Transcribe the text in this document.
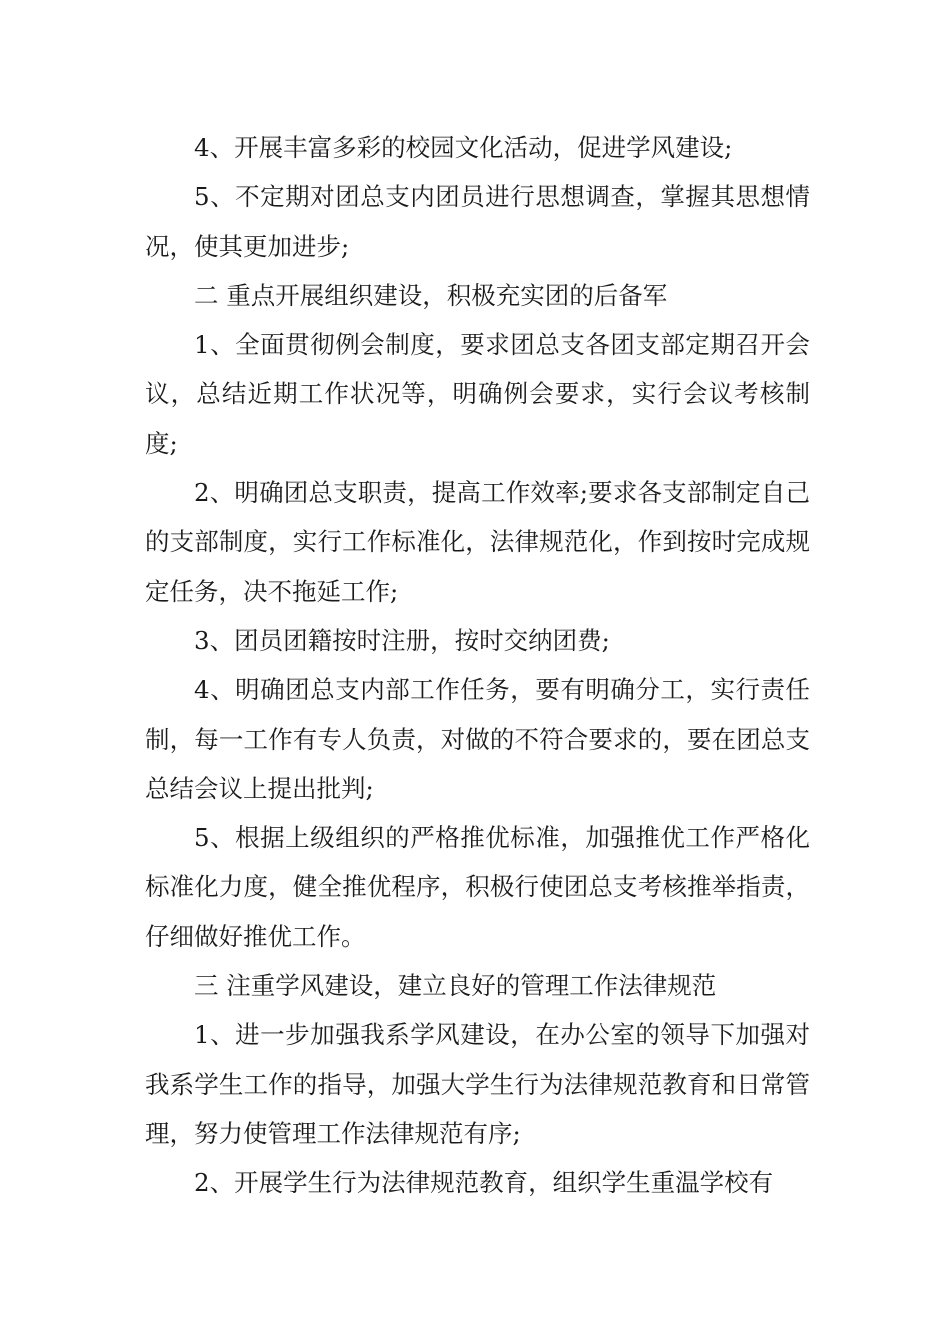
4、开展丰富多彩的校园文化活动，促进学风建设;

5、不定期对团总支内团员进行思想调查，掌握其思想情况，使其更加进步;

二 重点开展组织建设，积极充实团的后备军

1、全面贯彻例会制度，要求团总支各团支部定期召开会议，总结近期工作状况等，明确例会要求，实行会议考核制度;

2、明确团总支职责，提高工作效率;要求各支部制定自己的支部制度，实行工作标准化，法律规范化，作到按时完成规定任务，决不拖延工作;

3、团员团籍按时注册，按时交纳团费;

4、明确团总支内部工作任务，要有明确分工，实行责任制，每一工作有专人负责，对做的不符合要求的，要在团总支总结会议上提出批判;

5、根据上级组织的严格推优标准，加强推优工作严格化标准化力度，健全推优程序，积极行使团总支考核推举指责，仔细做好推优工作。

三 注重学风建设，建立良好的管理工作法律规范

1、进一步加强我系学风建设，在办公室的领导下加强对我系学生工作的指导，加强大学生行为法律规范教育和日常管理，努力使管理工作法律规范有序;

2、开展学生行为法律规范教育，组织学生重温学校有
